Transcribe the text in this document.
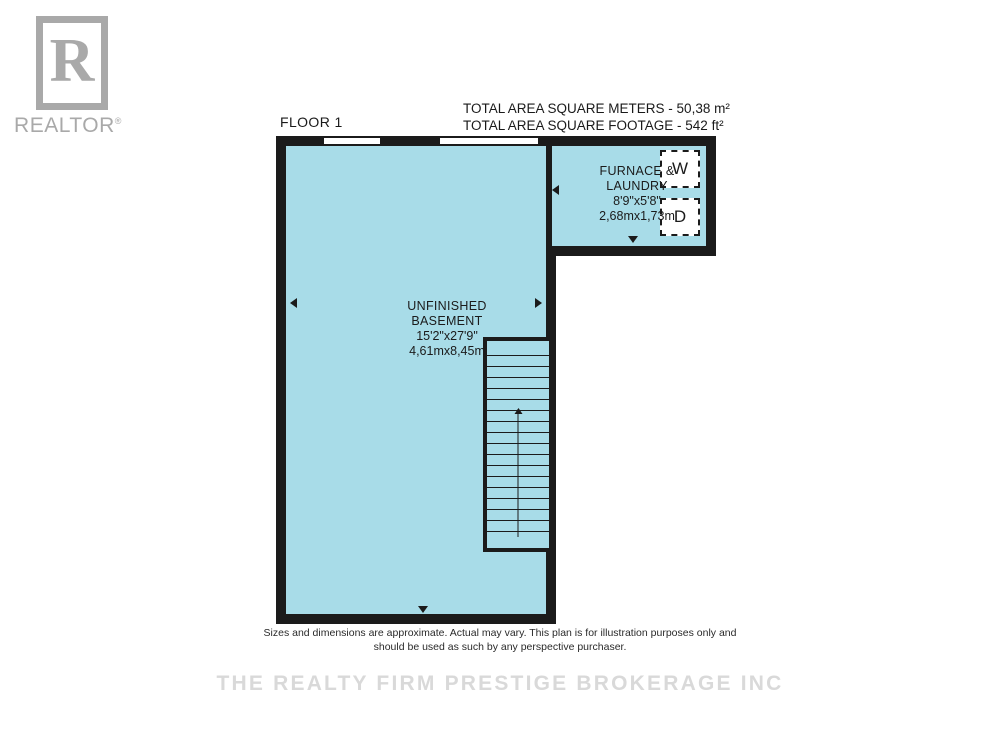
R
REALTOR®	FLOOR 1
TOTAL AREA SQUARE METERS - 50,38 m²
TOTAL AREA SQUARE FOOTAGE - 542 ft²
W
D
FURNACE &
LAUNDRY
8'9"x5'8"
2,68mx1,73m
UNFINISHED
BASEMENT
15'2"x27'9"
4,61mx8,45m
Sizes and dimensions are approximate. Actual may vary. This plan is for illustration purposes only and
should be used as such by any perspective purchaser.
THE REALTY FIRM PRESTIGE BROKERAGE INC
